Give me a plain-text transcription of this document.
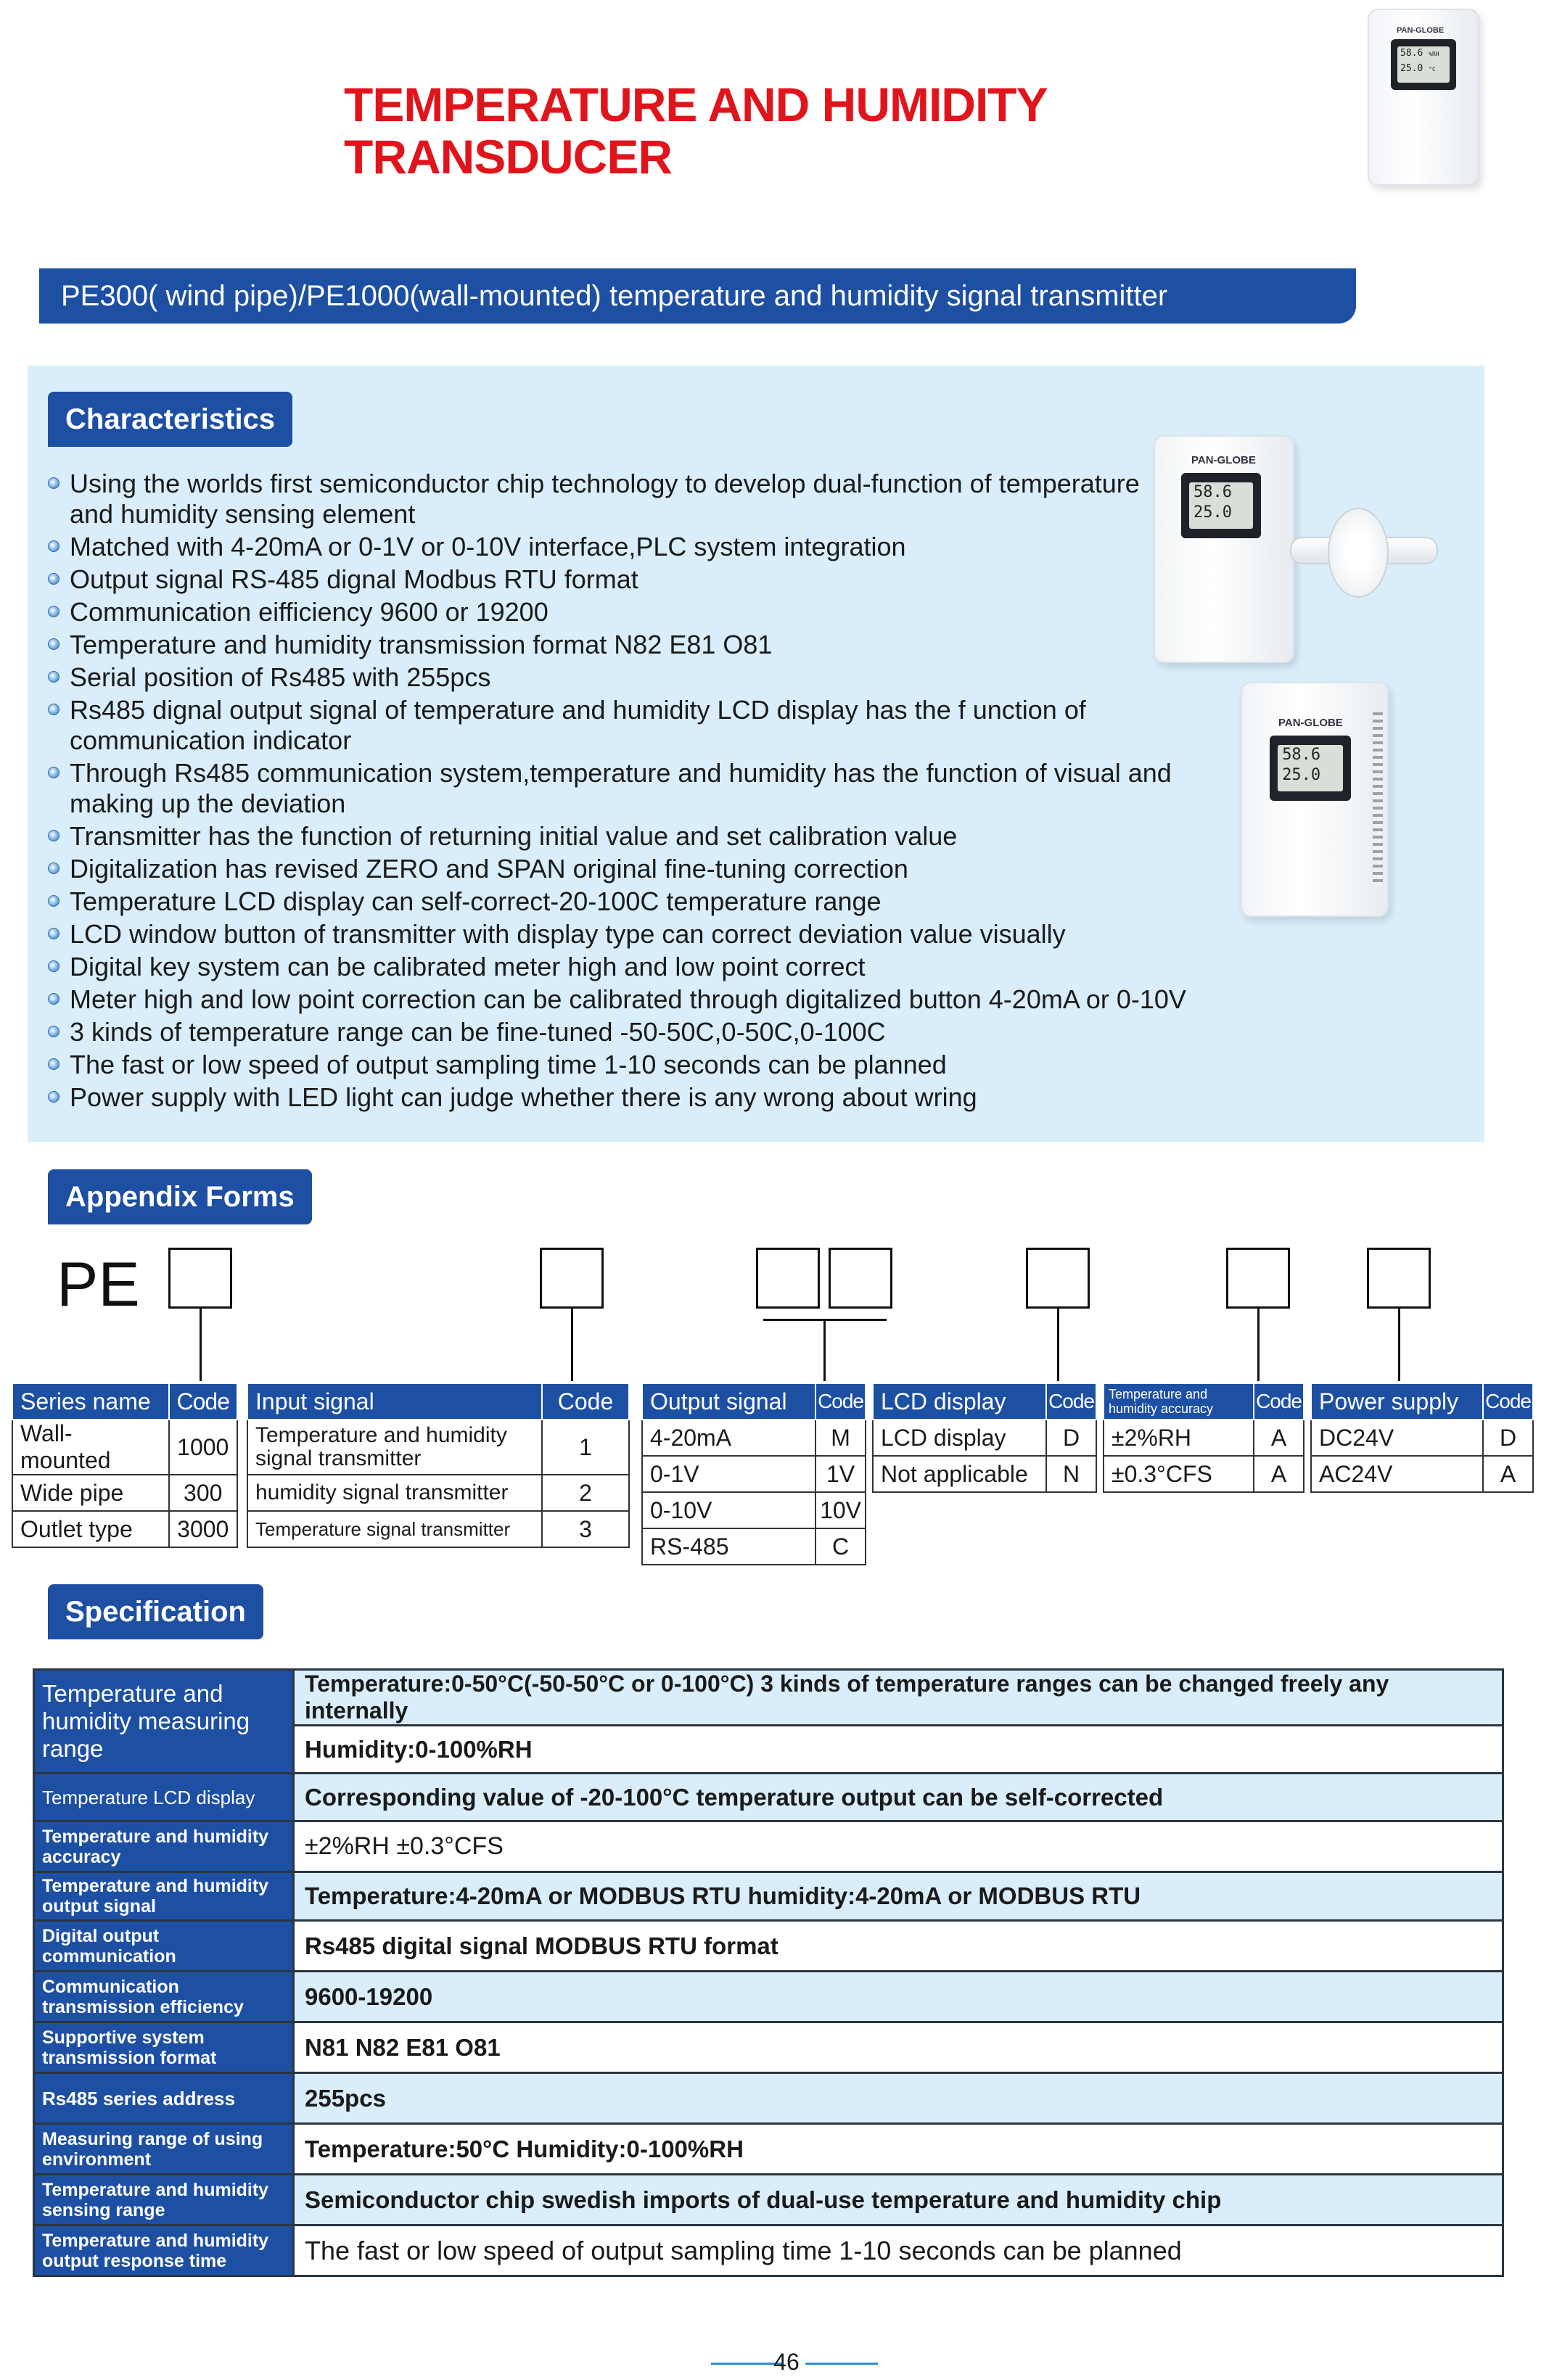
TEMPERATURE AND HUMIDITY
TRANSDUCER
PAN-GLOBE
58.6 %RH
25.0 °C
PE300( wind pipe)/PE1000(wall-mounted) temperature and humidity signal transmitter
Characteristics
Using the worlds first semiconductor chip technology to develop dual-function of temperature and humidity sensing element
Matched with 4-20mA or 0-1V or 0-10V interface,PLC system integration
Output signal RS-485 dignal Modbus RTU format
Communication eifficiency 9600 or 19200
Temperature and humidity transmission format N82 E81 O81
Serial position of Rs485 with 255pcs
Rs485 dignal output signal of temperature and humidity LCD display has the f unction of communication indicator
Through Rs485 communication system,temperature and humidity has the function of visual and making up the deviation
Transmitter has the function of returning initial value and set calibration value
Digitalization has revised ZERO and SPAN original fine-tuning correction
Temperature LCD display can self-correct-20-100C temperature range
LCD window button of transmitter with display type can correct deviation value visually
Digital key system can be calibrated meter high and low point correct
Meter high and low point correction can be calibrated through digitalized button 4-20mA or 0-10V
3 kinds of temperature range can be fine-tuned -50-50C,0-50C,0-100C
The fast or low speed of output sampling time 1-10 seconds can be planned
Power supply with LED light can judge whether there is any wrong about wring
PAN-GLOBE
58.6
25.0
PAN-GLOBE
58.6
25.0
Appendix Forms
PE
Series name	Code
Wall-mounted	1000
Wide pipe	300
Outlet type	3000
Input signal	Code
Temperature and humidity signal transmitter	1
humidity signal transmitter	2
Temperature signal transmitter	3
Output signal	Code
4-20mA	M
0-1V	1V
0-10V	10V
RS-485	C
LCD display	Code
LCD display	D
Not applicable	N
Temperature and humidity accuracy	Code
±2%RH	A
±0.3°CFS	A
Power supply	Code
DC24V	D
AC24V	A
Specification
Temperature and humidity measuring range	Temperature:0-50°C(-50-50°C or 0-100°C) 3 kinds of temperature ranges can be changed freely any internally
	Humidity:0-100%RH
Temperature LCD display	Corresponding value of -20-100°C temperature output can be self-corrected
Temperature and humidity accuracy	±2%RH ±0.3°CFS
Temperature and humidity output signal	Temperature:4-20mA or MODBUS RTU humidity:4-20mA or MODBUS RTU
Digital output communication	Rs485 digital signal MODBUS RTU format
Communication transmission efficiency	9600-19200
Supportive system transmission format	N81 N82 E81 O81
Rs485 series address	255pcs
Measuring range of using environment	Temperature:50°C Humidity:0-100%RH
Temperature and humidity sensing range	Semiconductor chip swedish imports of dual-use temperature and humidity chip
Temperature and humidity output response time	The fast or low speed of output sampling time 1-10 seconds can be planned
46
